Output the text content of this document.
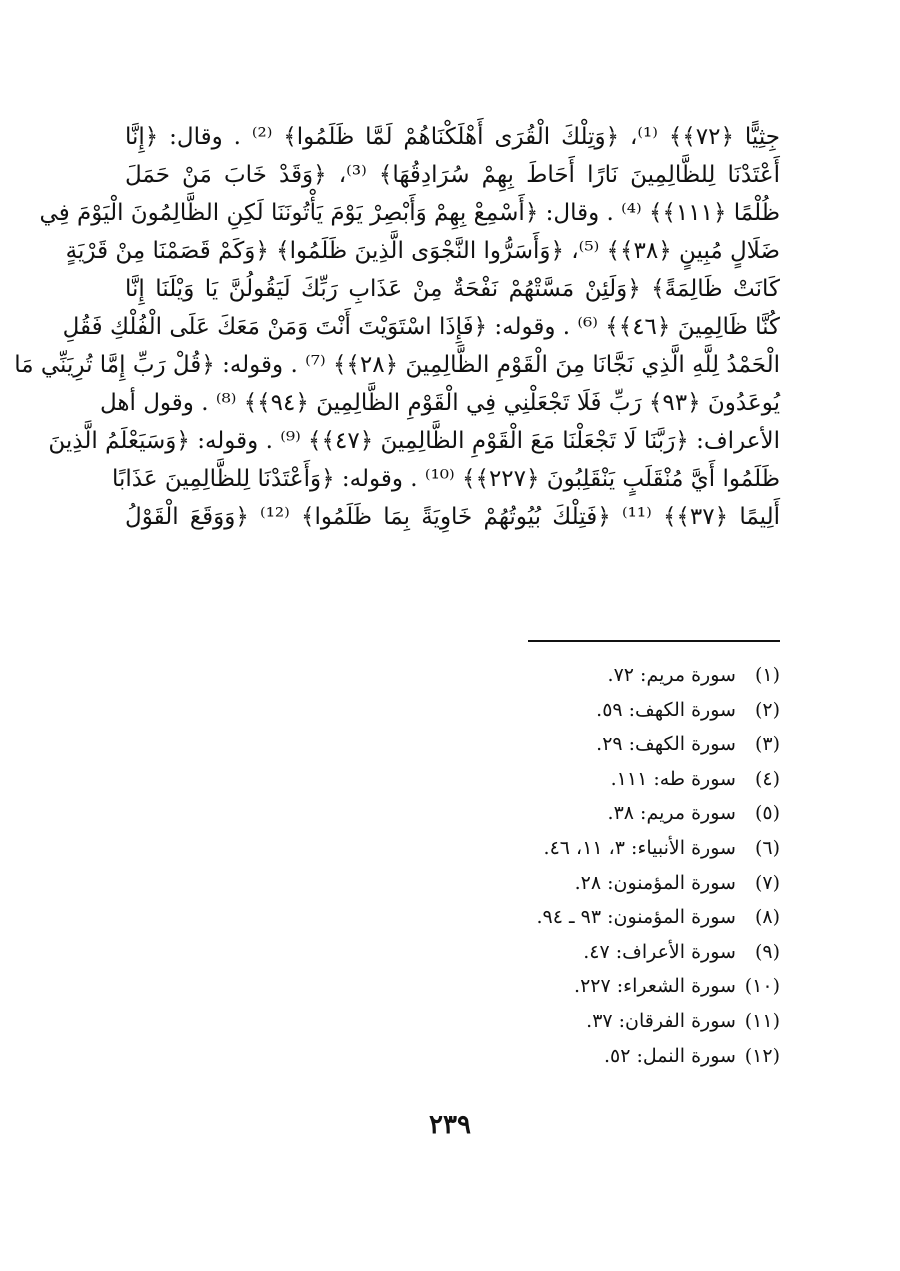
جِثِيًّا ﴿٧٢﴾﴾ ⁽¹⁾، ﴿وَتِلْكَ الْقُرَى أَهْلَكْنَاهُمْ لَمَّا ظَلَمُوا﴾ ⁽²⁾ . وقال: ﴿إِنَّا
أَعْتَدْنَا لِلظَّالِمِينَ نَارًا أَحَاطَ بِهِمْ سُرَادِقُهَا﴾ ⁽³⁾، ﴿وَقَدْ خَابَ مَنْ حَمَلَ
ظُلْمًا ﴿١١١﴾﴾ ⁽⁴⁾ . وقال: ﴿أَسْمِعْ بِهِمْ وَأَبْصِرْ يَوْمَ يَأْتُونَنَا لَكِنِ الظَّالِمُونَ الْيَوْمَ فِي
ضَلَالٍ مُبِينٍ ﴿٣٨﴾﴾ ⁽⁵⁾، ﴿وَأَسَرُّوا النَّجْوَى الَّذِينَ ظَلَمُوا﴾ ﴿وَكَمْ قَصَمْنَا مِنْ قَرْيَةٍ
كَانَتْ ظَالِمَةً﴾ ﴿وَلَئِنْ مَسَّتْهُمْ نَفْحَةٌ مِنْ عَذَابِ رَبِّكَ لَيَقُولُنَّ يَا وَيْلَنَا إِنَّا
كُنَّا ظَالِمِينَ ﴿٤٦﴾﴾ ⁽⁶⁾ . وقوله: ﴿فَإِذَا اسْتَوَيْتَ أَنْتَ وَمَنْ مَعَكَ عَلَى الْفُلْكِ فَقُلِ
الْحَمْدُ لِلَّهِ الَّذِي نَجَّانَا مِنَ الْقَوْمِ الظَّالِمِينَ ﴿٢٨﴾﴾ ⁽⁷⁾ . وقوله: ﴿قُلْ رَبِّ إِمَّا تُرِيَنِّي مَا
يُوعَدُونَ ﴿٩٣﴾ رَبِّ فَلَا تَجْعَلْنِي فِي الْقَوْمِ الظَّالِمِينَ ﴿٩٤﴾﴾ ⁽⁸⁾ . وقول أهل
الأعراف: ﴿رَبَّنَا لَا تَجْعَلْنَا مَعَ الْقَوْمِ الظَّالِمِينَ ﴿٤٧﴾﴾ ⁽⁹⁾ . وقوله: ﴿وَسَيَعْلَمُ الَّذِينَ
ظَلَمُوا أَيَّ مُنْقَلَبٍ يَنْقَلِبُونَ ﴿٢٢٧﴾﴾ ⁽¹⁰⁾ . وقوله: ﴿وَأَعْتَدْنَا لِلظَّالِمِينَ عَذَابًا
أَلِيمًا ﴿٣٧﴾﴾ ⁽¹¹⁾ ﴿فَتِلْكَ بُيُوتُهُمْ خَاوِيَةً بِمَا ظَلَمُوا﴾ ⁽¹²⁾ ﴿وَوَقَعَ الْقَوْلُ
(١) سورة مريم: ٧٢.
(٢) سورة الكهف: ٥٩.
(٣) سورة الكهف: ٢٩.
(٤) سورة طه: ١١١.
(٥) سورة مريم: ٣٨.
(٦) سورة الأنبياء: ٣، ١١، ٤٦.
(٧) سورة المؤمنون: ٢٨.
(٨) سورة المؤمنون: ٩٣ ـ ٩٤.
(٩) سورة الأعراف: ٤٧.
(١٠) سورة الشعراء: ٢٢٧.
(١١) سورة الفرقان: ٣٧.
(١٢) سورة النمل: ٥٢.
٢٣٩
